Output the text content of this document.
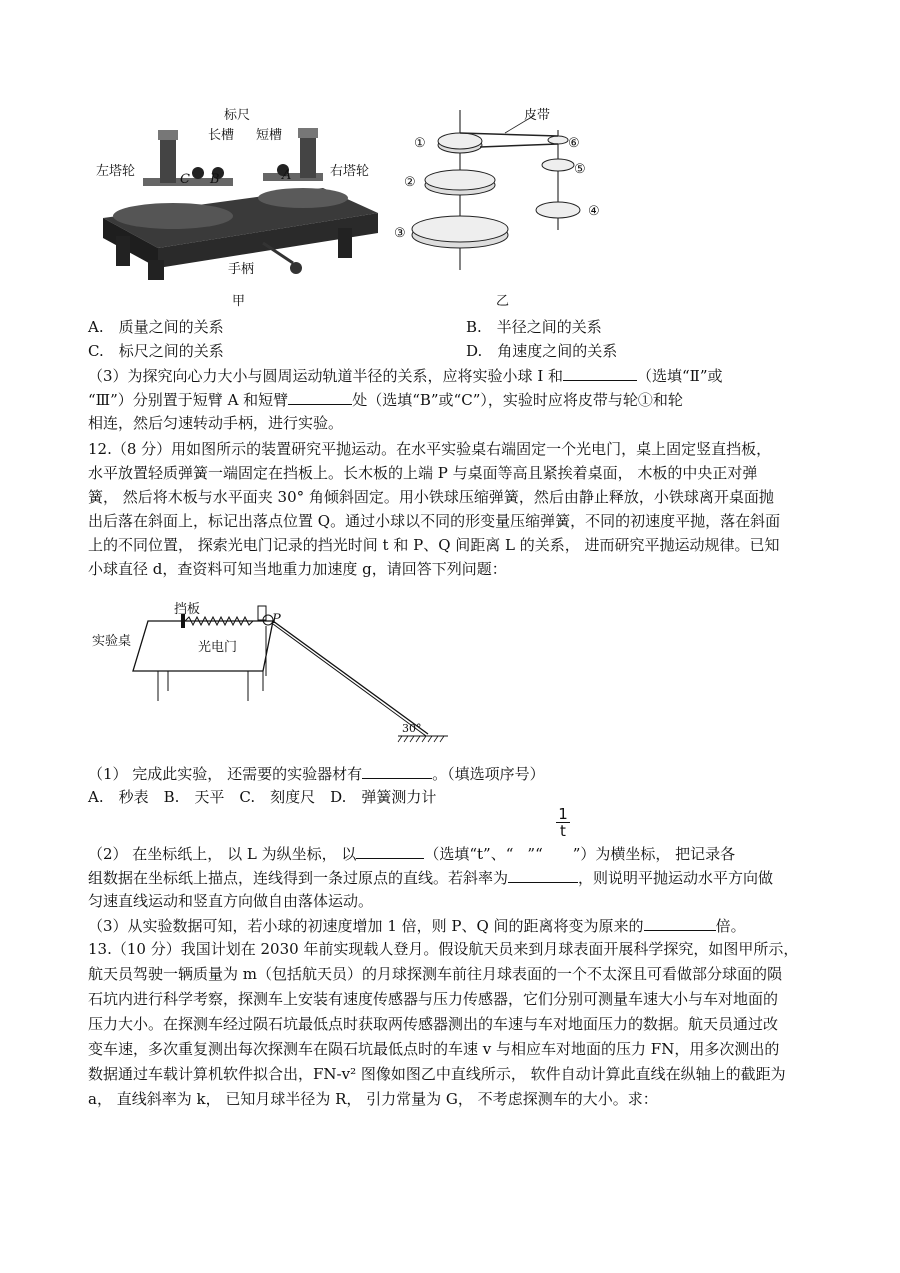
标尺
长槽 短槽
左塔轮	右塔轮
C B	A
手柄
甲
皮带
①
②
③
④
⑤
⑥
乙
A.　质量之间的关系	B.　半径之间的关系
C.　标尺之间的关系	D.　角速度之间的关系
（3）为探究向心力大小与圆周运动轨道半径的关系，应将实验小球 Ⅰ 和	（选填“Ⅱ”或
“Ⅲ”）分别置于短臂 A 和短臂	处（选填“B”或“C”），实验时应将皮带与轮①和轮
相连，然后匀速转动手柄，进行实验。
12.（8 分）用如图所示的装置研究平抛运动。在水平实验桌右端固定一个光电门，桌上固定竖直挡板，
水平放置轻质弹簧一端固定在挡板上。长木板的上端 P 与桌面等高且紧挨着桌面， 木板的中央正对弹
簧， 然后将木板与水平面夹 30° 角倾斜固定。用小铁球压缩弹簧，然后由静止释放，小铁球离开桌面抛
出后落在斜面上，标记出落点位置 Q。通过小球以不同的形变量压缩弹簧，不同的初速度平抛，落在斜面
上的不同位置， 探索光电门记录的挡光时间 t 和 P、Q 间距离 L 的关系， 进而研究平抛运动规律。已知
小球直径 d，查资料可知当地重力加速度 g，请回答下列问题：
挡板
实验桌	光电门
P
30°
（1） 完成此实验， 还需要的实验器材有	。（填选项序号）
A.　秒表　B.　天平　C.　刻度尺　D.　弹簧测力计
1
t
（2） 在坐标纸上， 以 L 为纵坐标， 以	（选填“t”、“ ”“　　”）为横坐标， 把记录各
组数据在坐标纸上描点，连线得到一条过原点的直线。若斜率为	，则说明平抛运动水平方向做
匀速直线运动和竖直方向做自由落体运动。
（3）从实验数据可知，若小球的初速度增加 1 倍，则 P、Q 间的距离将变为原来的	倍。
13.（10 分）我国计划在 2030 年前实现载人登月。假设航天员来到月球表面开展科学探究，如图甲所示，
航天员驾驶一辆质量为 m（包括航天员）的月球探测车前往月球表面的一个不太深且可看做部分球面的陨
石坑内进行科学考察，探测车上安装有速度传感器与压力传感器，它们分别可测量车速大小与车对地面的
压力大小。在探测车经过陨石坑最低点时获取两传感器测出的车速与车对地面压力的数据。航天员通过改
变车速，多次重复测出每次探测车在陨石坑最低点时的车速 v 与相应车对地面的压力 FN，用多次测出的
数据通过车载计算机软件拟合出，FN-v² 图像如图乙中直线所示， 软件自动计算此直线在纵轴上的截距为
a， 直线斜率为 k， 已知月球半径为 R， 引力常量为 G， 不考虑探测车的大小。求：
